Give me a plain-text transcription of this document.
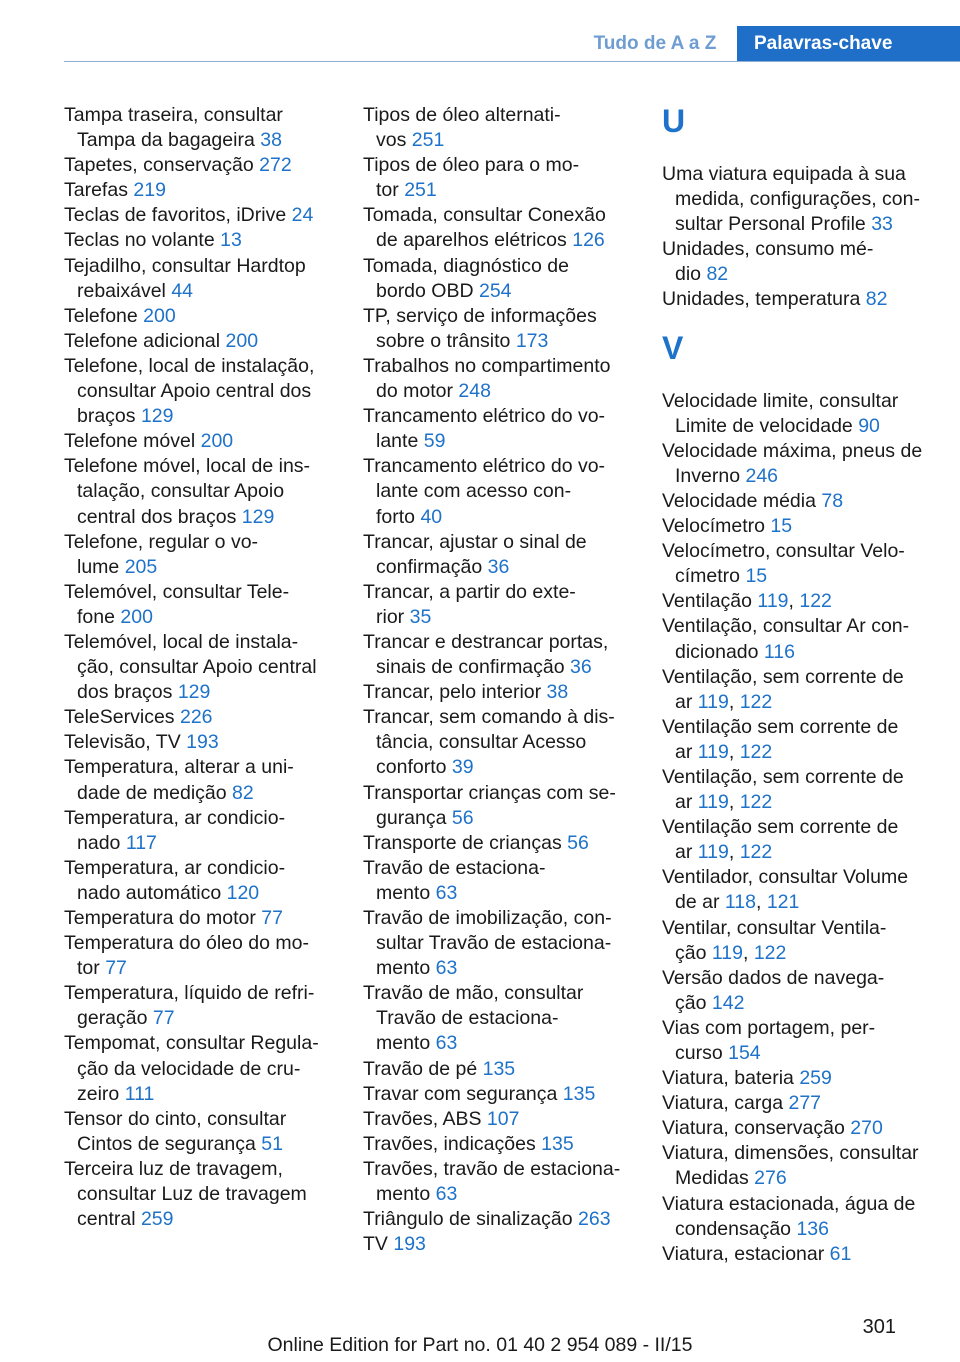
Tudo de A a Z	Palavras-chave
Tampa traseira, consultar
Tampa da bagageira 38
Tapetes, conservação 272
Tarefas 219
Teclas de favoritos, iDrive 24
Teclas no volante 13
Tejadilho, consultar Hardtop
rebaixável 44
Telefone 200
Telefone adicional 200
Telefone, local de instalação,
consultar Apoio central dos
braços 129
Telefone móvel 200
Telefone móvel, local de ins‐
talação, consultar Apoio
central dos braços 129
Telefone, regular o vo‐
lume 205
Telemóvel, consultar Tele‐
fone 200
Telemóvel, local de instala‐
ção, consultar Apoio central
dos braços 129
TeleServices 226
Televisão, TV 193
Temperatura, alterar a uni‐
dade de medição 82
Temperatura, ar condicio‐
nado 117
Temperatura, ar condicio‐
nado automático 120
Temperatura do motor 77
Temperatura do óleo do mo‐
tor 77
Temperatura, líquido de refri‐
geração 77
Tempomat, consultar Regula‐
ção da velocidade de cru‐
zeiro 111
Tensor do cinto, consultar
Cintos de segurança 51
Terceira luz de travagem,
consultar Luz de travagem
central 259
Tipos de óleo alternati‐
vos 251
Tipos de óleo para o mo‐
tor 251
Tomada, consultar Conexão
de aparelhos elétricos 126
Tomada, diagnóstico de
bordo OBD 254
TP, serviço de informações
sobre o trânsito 173
Trabalhos no compartimento
do motor 248
Trancamento elétrico do vo‐
lante 59
Trancamento elétrico do vo‐
lante com acesso con‐
forto 40
Trancar, ajustar o sinal de
confirmação 36
Trancar, a partir do exte‐
rior 35
Trancar e destrancar portas,
sinais de confirmação 36
Trancar, pelo interior 38
Trancar, sem comando à dis‐
tância, consultar Acesso
conforto 39
Transportar crianças com se‐
gurança 56
Transporte de crianças 56
Travão de estaciona‐
mento 63
Travão de imobilização, con‐
sultar Travão de estaciona‐
mento 63
Travão de mão, consultar
Travão de estaciona‐
mento 63
Travão de pé 135
Travar com segurança 135
Travões, ABS 107
Travões, indicações 135
Travões, travão de estaciona‐
mento 63
Triângulo de sinalização 263
TV 193
U
Uma viatura equipada à sua
medida, configurações, con‐
sultar Personal Profile 33
Unidades, consumo mé‐
dio 82
Unidades, temperatura 82
V
Velocidade limite, consultar
Limite de velocidade 90
Velocidade máxima, pneus de
Inverno 246
Velocidade média 78
Velocímetro 15
Velocímetro, consultar Velo‐
címetro 15
Ventilação 119, 122
Ventilação, consultar Ar con‐
dicionado 116
Ventilação, sem corrente de
ar 119, 122
Ventilação sem corrente de
ar 119, 122
Ventilação, sem corrente de
ar 119, 122
Ventilação sem corrente de
ar 119, 122
Ventilador, consultar Volume
de ar 118, 121
Ventilar, consultar Ventila‐
ção 119, 122
Versão dados de navega‐
ção 142
Vias com portagem, per‐
curso 154
Viatura, bateria 259
Viatura, carga 277
Viatura, conservação 270
Viatura, dimensões, consultar
Medidas 276
Viatura estacionada, água de
condensação 136
Viatura, estacionar 61
301
Online Edition for Part no. 01 40 2 954 089 - II/15
